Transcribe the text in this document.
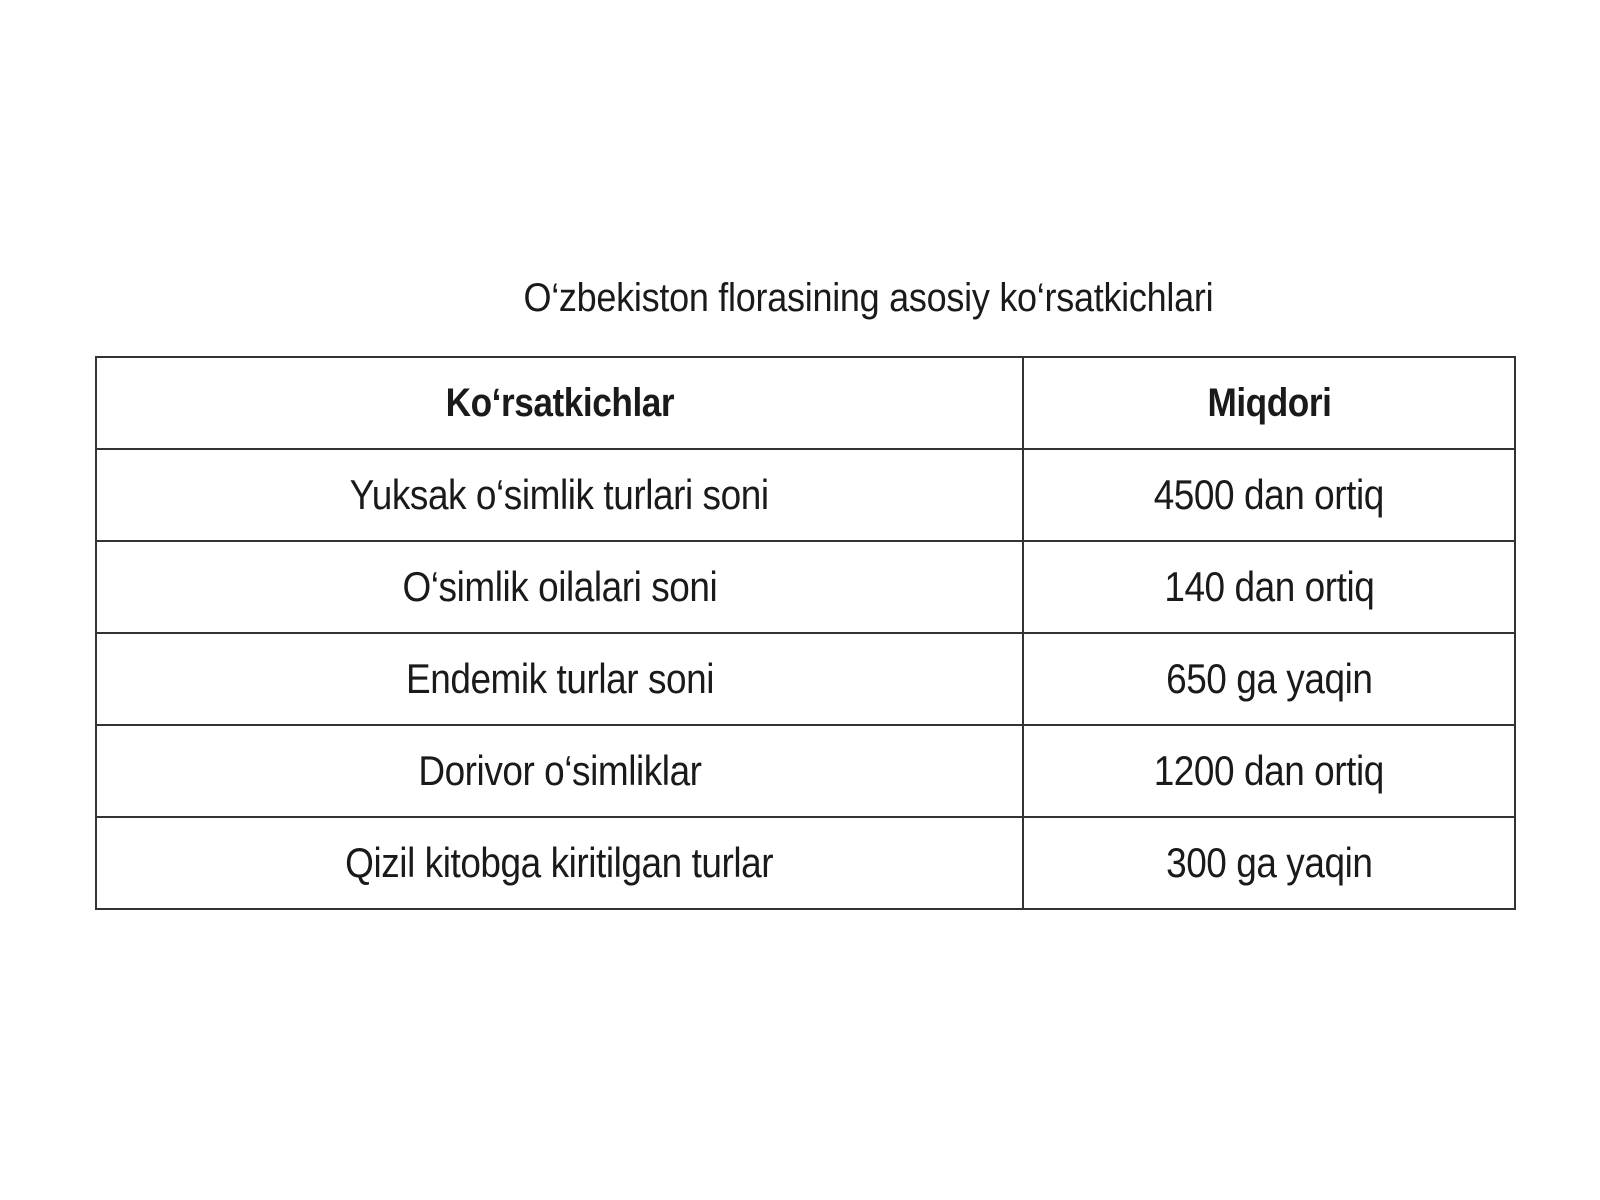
O‘zbekiston florasining asosiy ko‘rsatkichlari
Ko‘rsatkichlar	Miqdori
Yuksak o‘simlik turlari soni	4500 dan ortiq
O‘simlik oilalari soni	140 dan ortiq
Endemik turlar soni	650 ga yaqin
Dorivor o‘simliklar	1200 dan ortiq
Qizil kitobga kiritilgan turlar	300 ga yaqin
